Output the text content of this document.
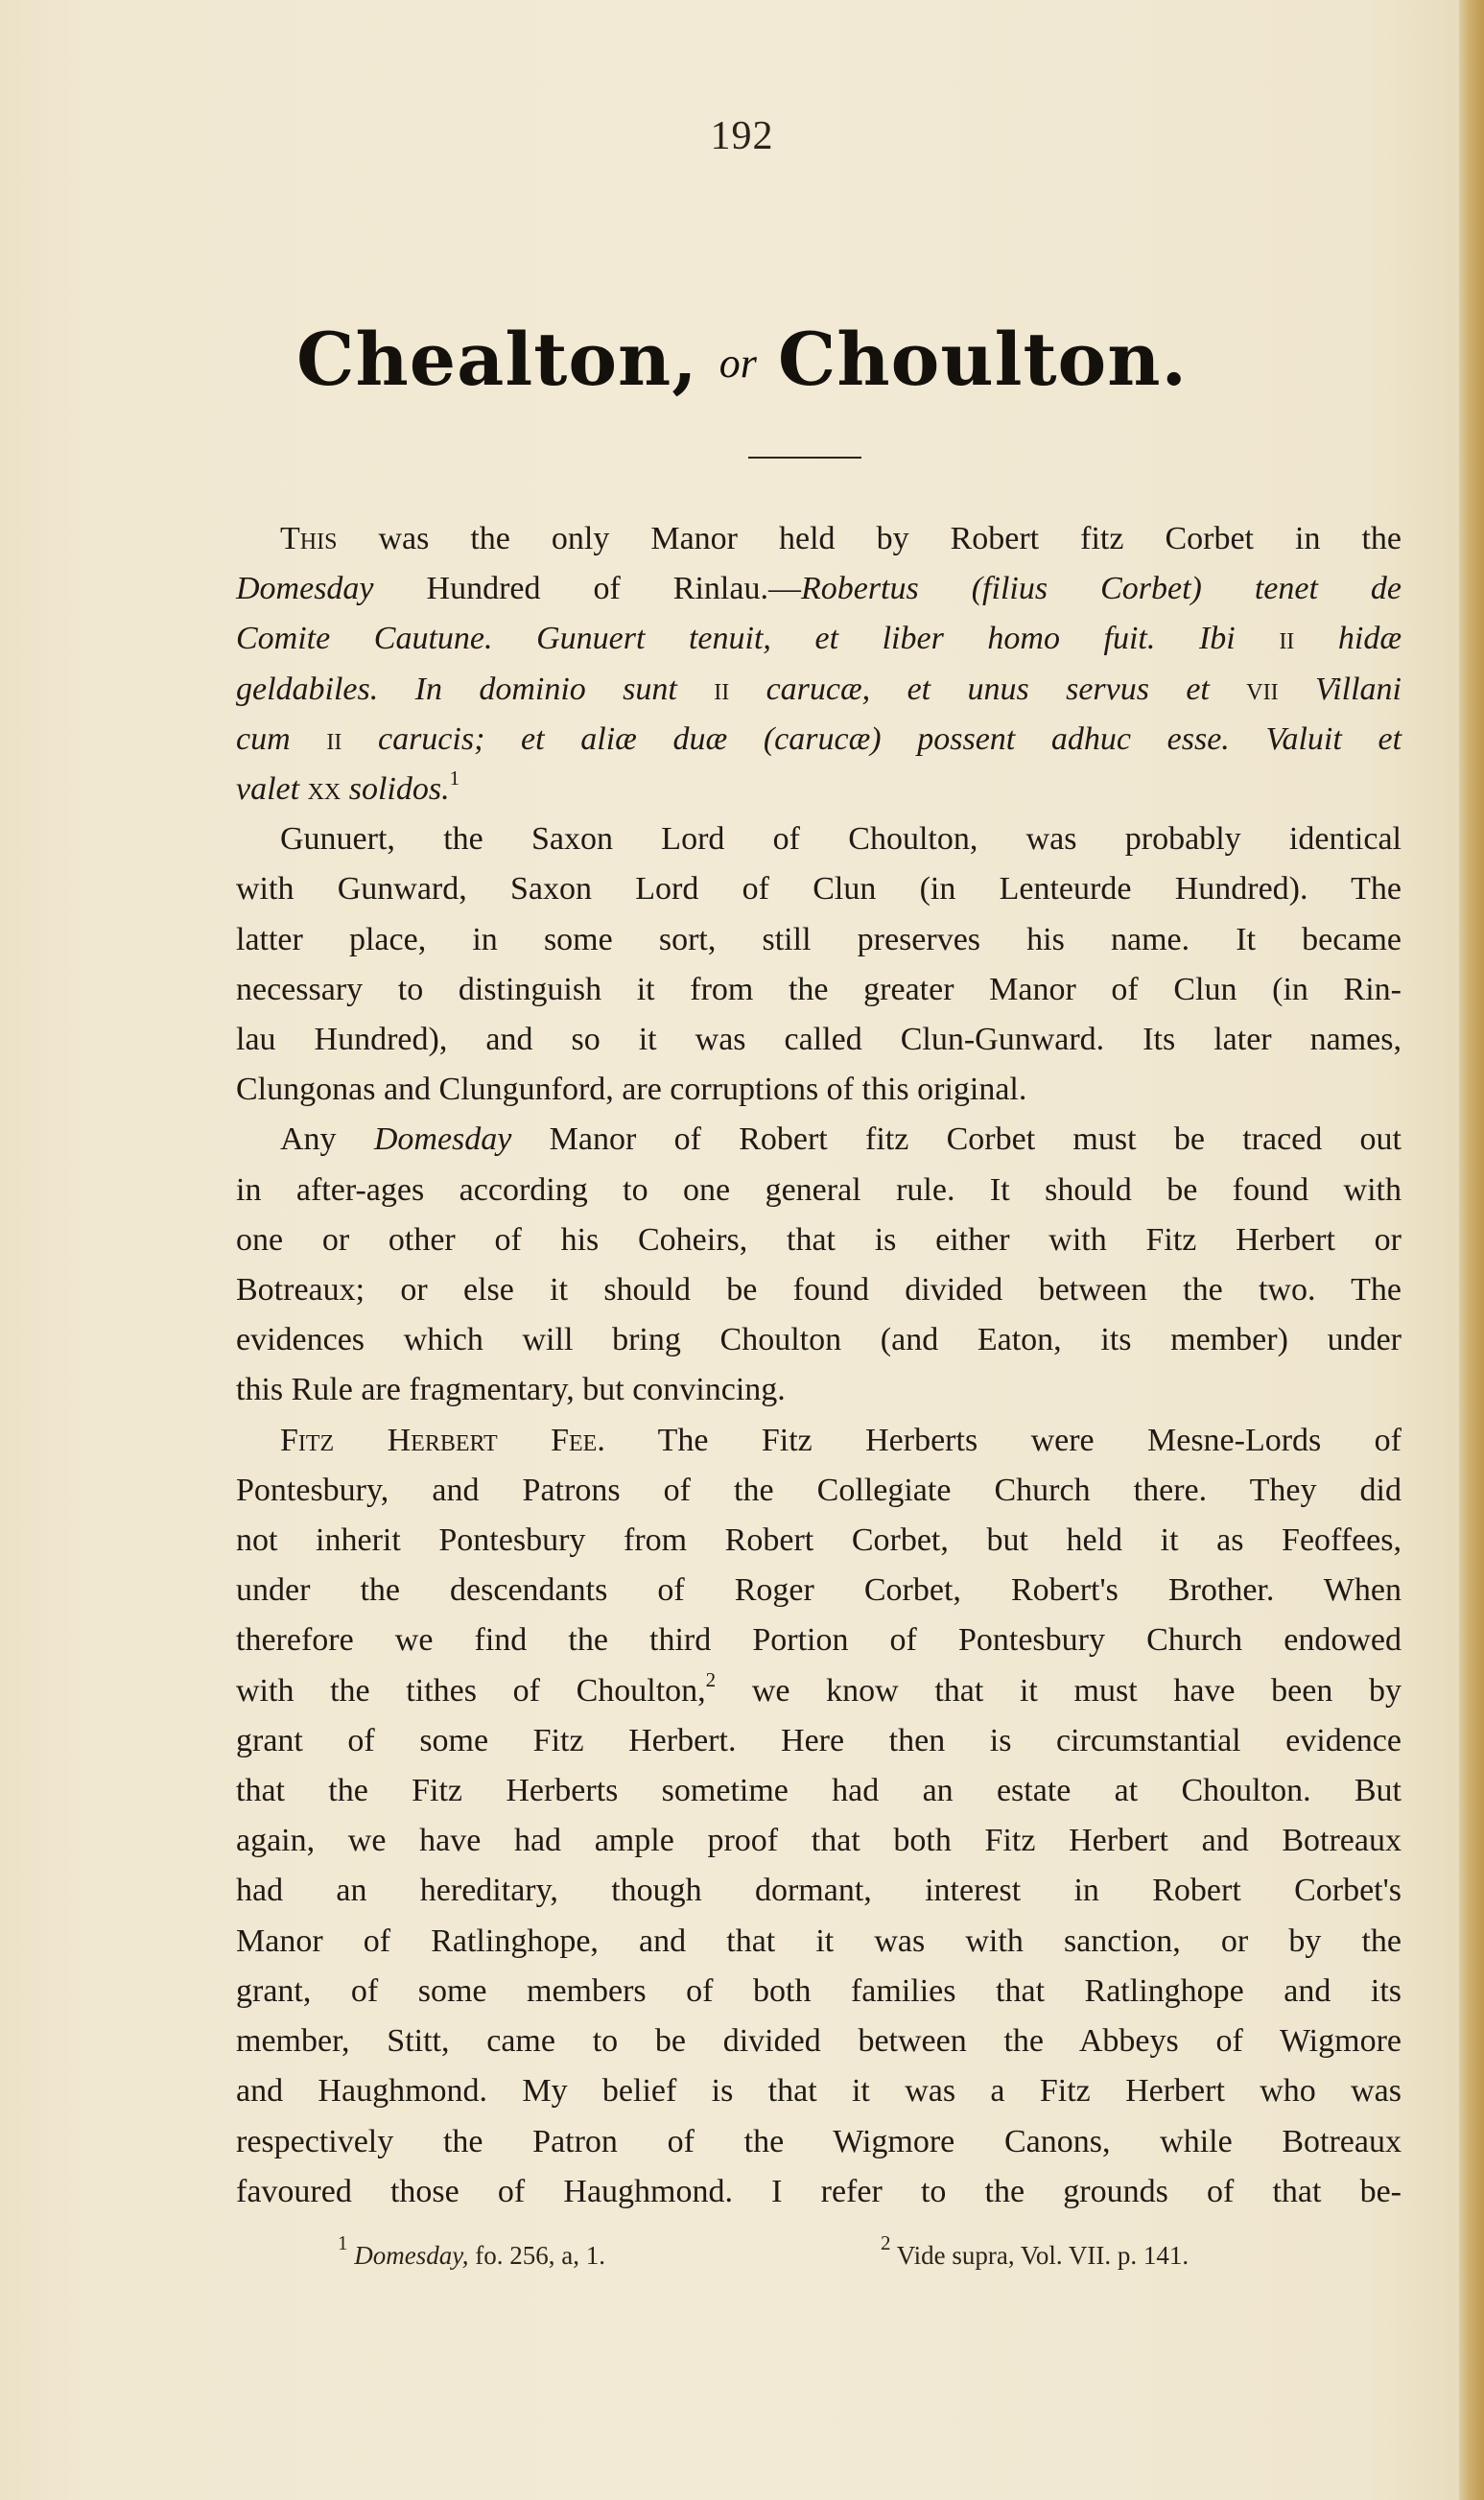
192
Chealton, or Choulton.
This was the only Manor held by Robert fitz Corbet in the
Domesday Hundred of Rinlau.—Robertus (filius Corbet) tenet de
Comite Cautune. Gunuert tenuit, et liber homo fuit. Ibi ii hidæ
geldabiles. In dominio sunt ii carucæ, et unus servus et vii Villani
cum ii carucis; et aliæ duæ (carucæ) possent adhuc esse. Valuit et
valet xx solidos.$^1$
Gunuert, the Saxon Lord of Choulton, was probably identical
with Gunward, Saxon Lord of Clun (in Lenteurde Hundred). The
latter place, in some sort, still preserves his name. It became
necessary to distinguish it from the greater Manor of Clun (in Rin-
lau Hundred), and so it was called Clun-Gunward. Its later names,
Clungonas and Clungunford, are corruptions of this original.
Any Domesday Manor of Robert fitz Corbet must be traced out
in after-ages according to one general rule. It should be found with
one or other of his Coheirs, that is either with Fitz Herbert or
Botreaux; or else it should be found divided between the two. The
evidences which will bring Choulton (and Eaton, its member) under
this Rule are fragmentary, but convincing.
Fitz Herbert Fee. The Fitz Herberts were Mesne-Lords of
Pontesbury, and Patrons of the Collegiate Church there. They did
not inherit Pontesbury from Robert Corbet, but held it as Feoffees,
under the descendants of Roger Corbet, Robert's Brother. When
therefore we find the third Portion of Pontesbury Church endowed
with the tithes of Choulton,$^2$ we know that it must have been by
grant of some Fitz Herbert. Here then is circumstantial evidence
that the Fitz Herberts sometime had an estate at Choulton. But
again, we have had ample proof that both Fitz Herbert and Botreaux
had an hereditary, though dormant, interest in Robert Corbet's
Manor of Ratlinghope, and that it was with sanction, or by the
grant, of some members of both families that Ratlinghope and its
member, Stitt, came to be divided between the Abbeys of Wigmore
and Haughmond. My belief is that it was a Fitz Herbert who was
respectively the Patron of the Wigmore Canons, while Botreaux
favoured those of Haughmond. I refer to the grounds of that be-
$^1$ Domesday, fo. 256, a, 1.	$^2$ Vide supra, Vol. VII. p. 141.
